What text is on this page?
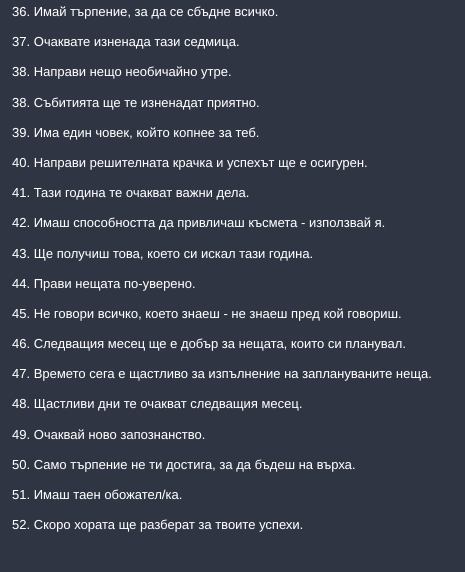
36. Имай търпение, за да се сбъдне всичко.
37. Очаквате изненада тази седмица.
38. Направи нещо необичайно утре.
38. Събитията ще те изненадат приятно.
39. Има един човек, който копнее за теб.
40. Направи решителната крачка и успехът ще е осигурен.
41. Тази година те очакват важни дела.
42. Имаш способността да привличаш късмета - използвай я.
43. Ще получиш това, което си искал тази година.
44. Прави нещата по-уверено.
45. Не говори всичко, което знаеш - не знаеш пред кой говориш.
46. Следващия месец ще е добър за нещата, които си планувал.
47. Времето сега е щастливо за изпълнение на заплануваните неща.
48. Щастливи дни те очакват следващия месец.
49. Очаквай ново запознанство.
50. Само търпение не ти достига, за да бъдеш на върха.
51. Имаш таен обожател/ка.
52. Скоро хората ще разберат за твоите успехи.
